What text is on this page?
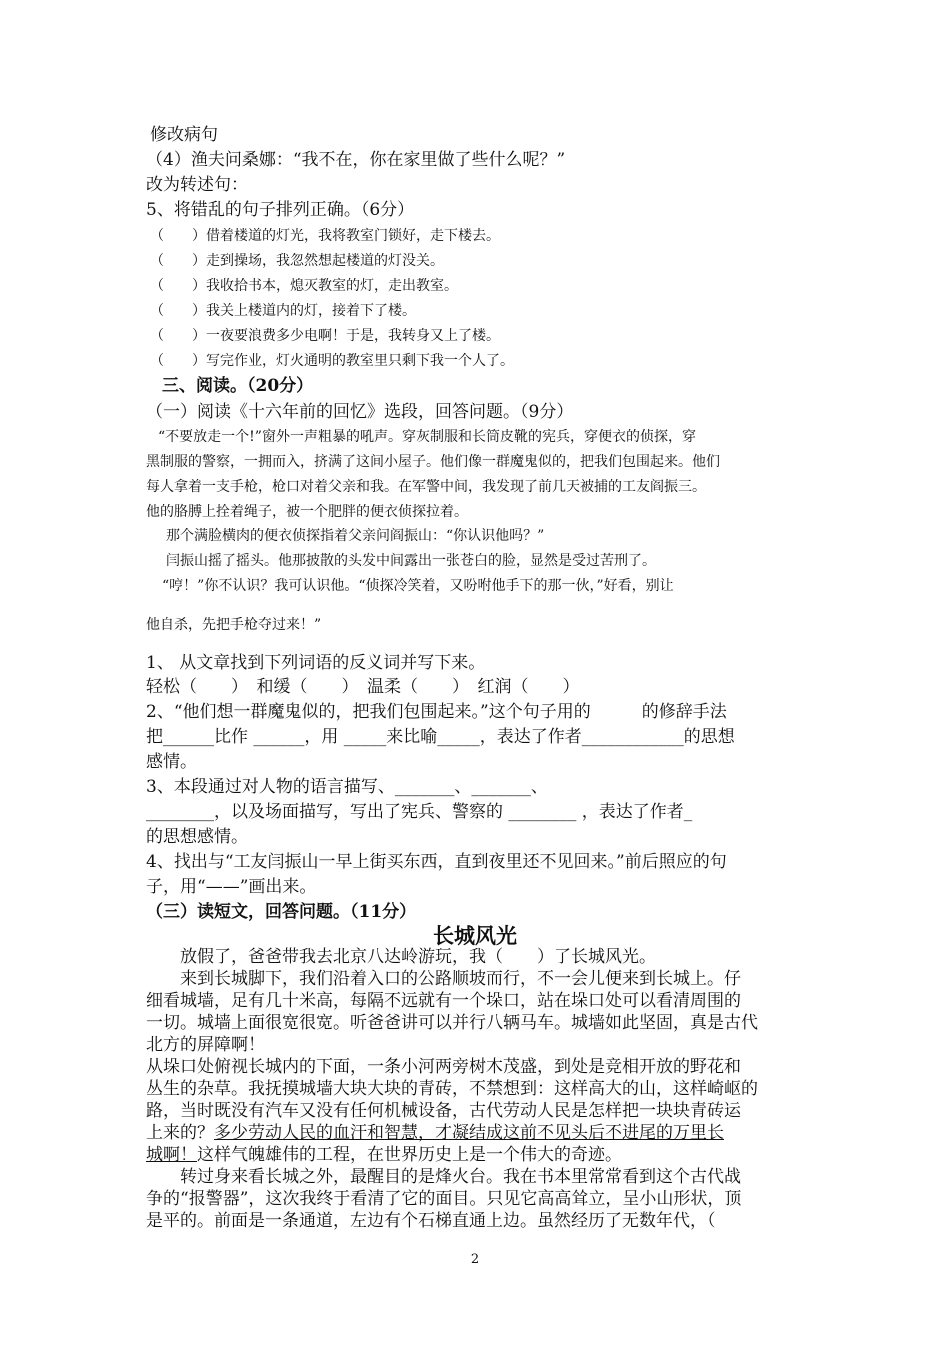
修改病句
（4）渔夫问桑娜：“我不在，你在家里做了些什么呢？”
改为转述句：
5、将错乱的句子排列正确。（6分）
（　　）借着楼道的灯光，我将教室门锁好，走下楼去。
（　　）走到操场，我忽然想起楼道的灯没关。
（　　）我收拾书本，熄灭教室的灯，走出教室。
（　　）我关上楼道内的灯，接着下了楼。
（　　）一夜要浪费多少电啊！于是，我转身又上了楼。
（　　）写完作业，灯火通明的教室里只剩下我一个人了。
三、阅读。（20分）
（一）阅读《十六年前的回忆》选段，回答问题。（9分）
“不要放走一个!”窗外一声粗暴的吼声。穿灰制服和长筒皮靴的宪兵，穿便衣的侦探，穿
黑制服的警察，一拥而入，挤满了这间小屋子。他们像一群魔鬼似的，把我们包围起来。他们
每人拿着一支手枪，枪口对着父亲和我。在军警中间，我发现了前几天被捕的工友阎振三。
他的胳膊上拴着绳子，被一个肥胖的便衣侦探拉着。
那个满脸横肉的便衣侦探指着父亲问阎振山：“你认识他吗？”
闫振山摇了摇头。他那披散的头发中间露出一张苍白的脸，显然是受过苦刑了。
“哼！”你不认识？我可认识他。“侦探冷笑着，又吩咐他手下的那一伙，”好看，别让
他自杀，先把手枪夺过来！”
1、 从文章找到下列词语的反义词并写下来。
轻松（　　）　和缓（　　）　温柔（　　）　红润（　　）
2、“他们想一群魔鬼似的，把我们包围起来。”这个句子用的　　　的修辞手法
把______比作 ______，用 _____来比喻_____，表达了作者____________的思想
感情。
3、本段通过对人物的语言描写、_______、_______、
________，以及场面描写，写出了宪兵、警察的 ________ ，表达了作者_
的思想感情。
4、找出与“工友闫振山一早上街买东西，直到夜里还不见回来。”前后照应的句
子，用“——”画出来。
（三）读短文，回答问题。（11分）
长城风光
　　放假了，爸爸带我去北京八达岭游玩，我（　　）了长城风光。
　　来到长城脚下，我们沿着入口的公路顺坡而行，不一会儿便来到长城上。仔
细看城墙，足有几十米高，每隔不远就有一个垛口，站在垛口处可以看清周围的
一切。城墙上面很宽很宽。听爸爸讲可以并行八辆马车。城墙如此坚固，真是古代
北方的屏障啊！
从垛口处俯视长城内的下面，一条小河两旁树木茂盛，到处是竞相开放的野花和
丛生的杂草。我抚摸城墙大块大块的青砖，不禁想到：这样高大的山，这样崎岖的
路，当时既没有汽车又没有任何机械设备，古代劳动人民是怎样把一块块青砖运
上来的？多少劳动人民的血汗和智慧，才凝结成这前不见头后不进尾的万里长
城啊！这样气魄雄伟的工程，在世界历史上是一个伟大的奇迹。
　　转过身来看长城之外，最醒目的是烽火台。我在书本里常常看到这个古代战
争的“报警器”，这次我终于看清了它的面目。只见它高高耸立，呈小山形状，顶
是平的。前面是一条通道，左边有个石梯直通上边。虽然经历了无数年代，（
2
